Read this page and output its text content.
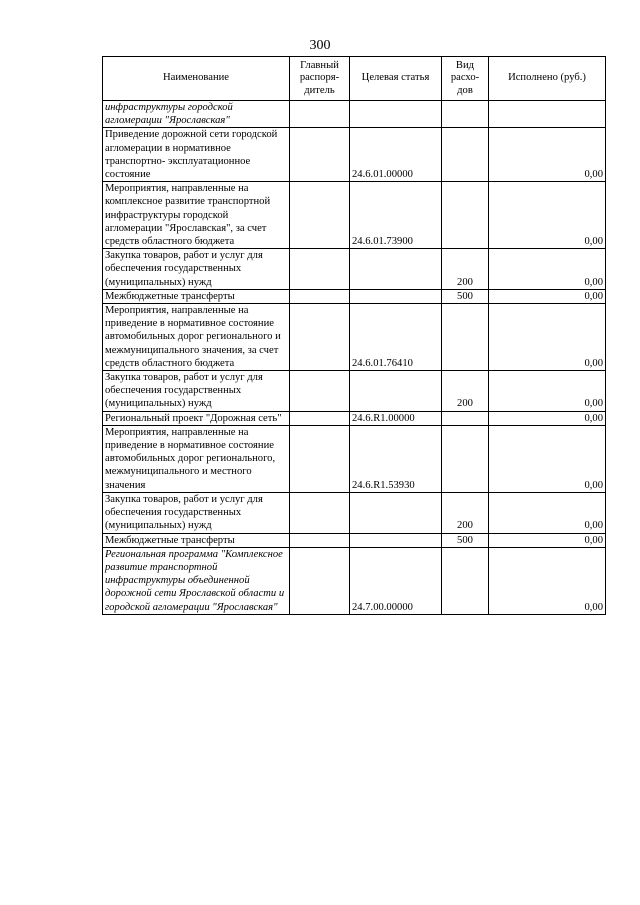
300
Наименование	Главный распоря- дитель	Целевая статья	Вид расхо- дов	Исполнено (руб.)
инфраструктуры городской агломерации "Ярославская"				
Приведение дорожной сети городской агломерации в нормативное транспортно- эксплуатационное состояние		24.6.01.00000		0,00
Мероприятия, направленные на комплексное развитие транспортной инфраструктуры городской агломерации "Ярославская", за счет средств областного бюджета		24.6.01.73900		0,00
Закупка товаров, работ и услуг для обеспечения государственных (муниципальных) нужд			200	0,00
Межбюджетные трансферты			500	0,00
Мероприятия, направленные на приведение в нормативное состояние автомобильных дорог регионального и межмуниципального значения, за счет средств областного бюджета		24.6.01.76410		0,00
Закупка товаров, работ и услуг для обеспечения государственных (муниципальных) нужд			200	0,00
Региональный проект "Дорожная сеть"		24.6.R1.00000		0,00
Мероприятия, направленные на приведение в нормативное состояние автомобильных дорог регионального, межмуниципального и местного значения		24.6.R1.53930		0,00
Закупка товаров, работ и услуг для обеспечения государственных (муниципальных) нужд			200	0,00
Межбюджетные трансферты			500	0,00
Региональная программа "Комплексное развитие транспортной инфраструктуры объединенной дорожной сети Ярославской области и городской агломерации "Ярославская"		24.7.00.00000		0,00
